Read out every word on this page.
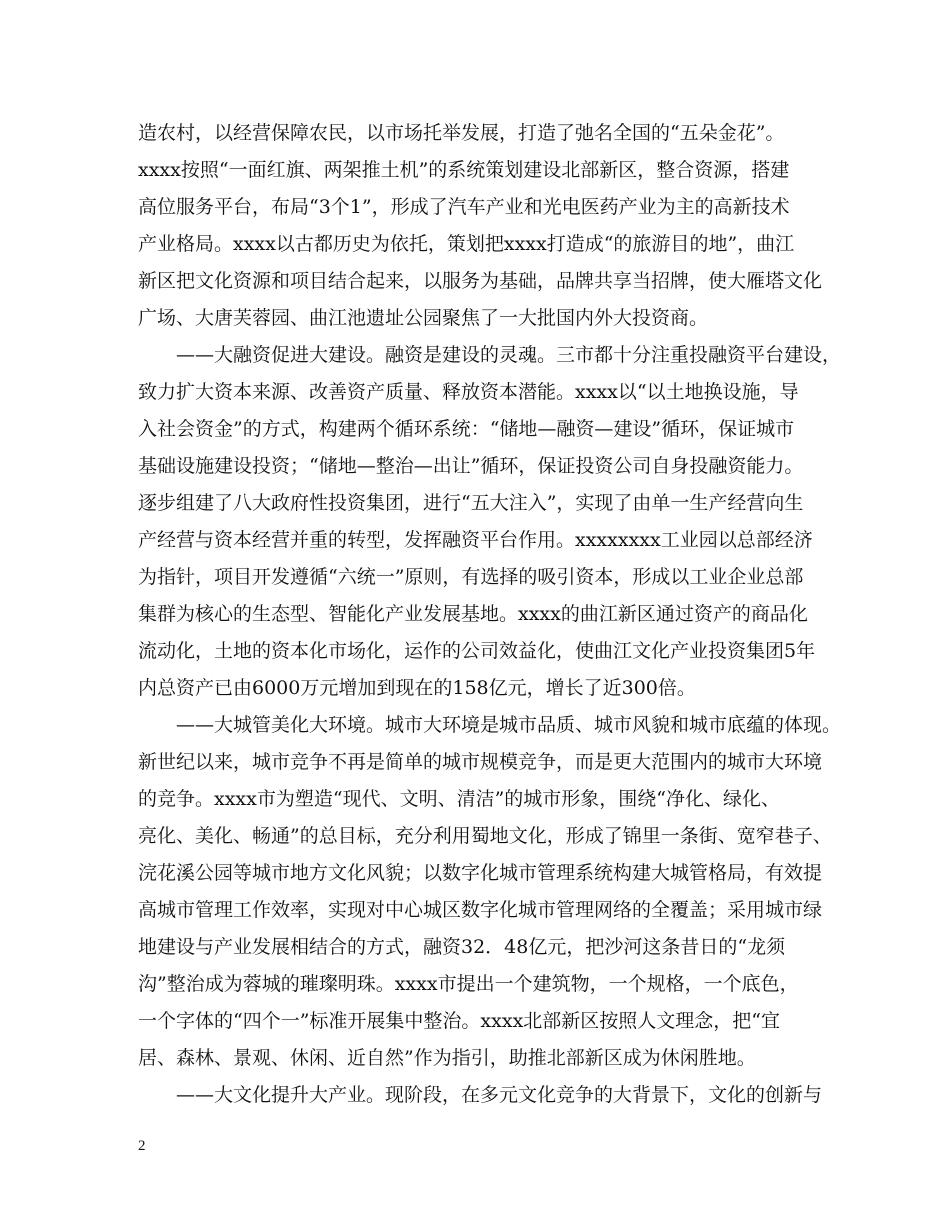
造农村，以经营保障农民，以市场托举发展，打造了弛名全国的“五朵金花”。
xxxx按照“一面红旗、两架推土机”的系统策划建设北部新区，整合资源，搭建
高位服务平台，布局“3个1”，形成了汽车产业和光电医药产业为主的高新技术
产业格局。xxxx以古都历史为依托，策划把xxxx打造成“的旅游目的地”，曲江
新区把文化资源和项目结合起来，以服务为基础，品牌共享当招牌，使大雁塔文化
广场、大唐芙蓉园、曲江池遗址公园聚焦了一大批国内外大投资商。
——大融资促进大建设。融资是建设的灵魂。三市都十分注重投融资平台建设，
致力扩大资本来源、改善资产质量、释放资本潜能。xxxx以“以土地换设施，导
入社会资金”的方式，构建两个循环系统：“储地—融资—建设”循环，保证城市
基础设施建设投资；“储地—整治—出让”循环，保证投资公司自身投融资能力。
逐步组建了八大政府性投资集团，进行“五大注入”，实现了由单一生产经营向生
产经营与资本经营并重的转型，发挥融资平台作用。xxxxxxxx工业园以总部经济
为指针，项目开发遵循“六统一”原则，有选择的吸引资本，形成以工业企业总部
集群为核心的生态型、智能化产业发展基地。xxxx的曲江新区通过资产的商品化
流动化，土地的资本化市场化，运作的公司效益化，使曲江文化产业投资集团5年
内总资产已由6000万元增加到现在的158亿元，增长了近300倍。
——大城管美化大环境。城市大环境是城市品质、城市风貌和城市底蕴的体现。
新世纪以来，城市竞争不再是简单的城市规模竞争，而是更大范围内的城市大环境
的竞争。xxxx市为塑造“现代、文明、清洁”的城市形象，围绕“净化、绿化、
亮化、美化、畅通”的总目标，充分利用蜀地文化，形成了锦里一条街、宽窄巷子、
浣花溪公园等城市地方文化风貌；以数字化城市管理系统构建大城管格局，有效提
高城市管理工作效率，实现对中心城区数字化城市管理网络的全覆盖；采用城市绿
地建设与产业发展相结合的方式，融资32．48亿元，把沙河这条昔日的“龙须
沟”整治成为蓉城的璀璨明珠。xxxx市提出一个建筑物，一个规格，一个底色，
一个字体的“四个一”标准开展集中整治。xxxx北部新区按照人文理念，把“宜
居、森林、景观、休闲、近自然”作为指引，助推北部新区成为休闲胜地。
——大文化提升大产业。现阶段，在多元文化竞争的大背景下，文化的创新与
2
